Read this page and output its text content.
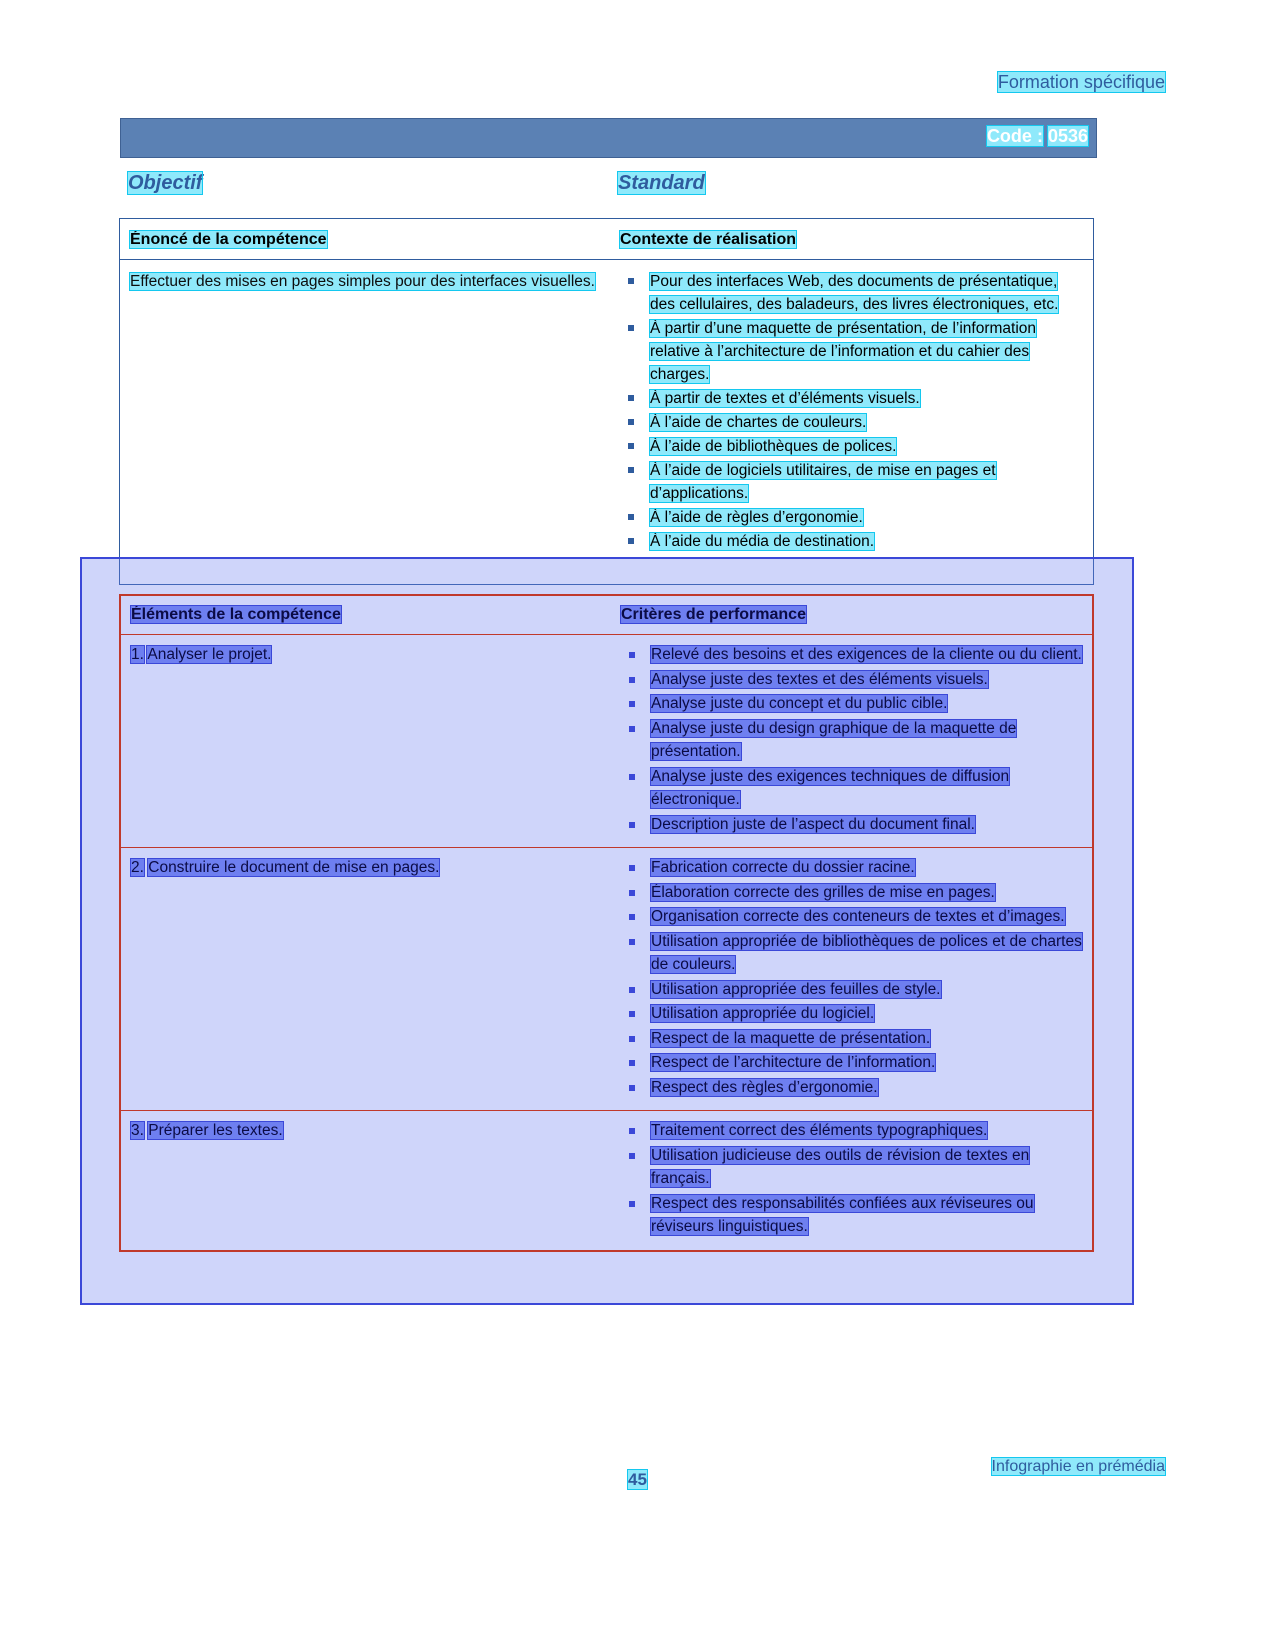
Formation spécifique
Code : 0536
Objectif	Standard
Énoncé de la compétence	Contexte de réalisation
Effectuer des mises en pages simples pour des interfaces visuelles.	Pour des interfaces Web, des documents de présentatique, des cellulaires, des baladeurs, des livres électroniques, etc.
À partir d’une maquette de présentation, de l’information relative à l’architecture de l’information et du cahier des charges.
À partir de textes et d’éléments visuels.
À l’aide de chartes de couleurs.
À l’aide de bibliothèques de polices.
À l’aide de logiciels utilitaires, de mise en pages et d’applications.
À l’aide de règles d’ergonomie.
À l’aide du média de destination.
Éléments de la compétence	Critères de performance
1. Analyser le projet.	Relevé des besoins et des exigences de la cliente ou du client.
Analyse juste des textes et des éléments visuels.
Analyse juste du concept et du public cible.
Analyse juste du design graphique de la maquette de présentation.
Analyse juste des exigences techniques de diffusion électronique.
Description juste de l’aspect du document final.
2. Construire le document de mise en pages.	Fabrication correcte du dossier racine.
Élaboration correcte des grilles de mise en pages.
Organisation correcte des conteneurs de textes et d’images.
Utilisation appropriée de bibliothèques de polices et de chartes de couleurs.
Utilisation appropriée des feuilles de style.
Utilisation appropriée du logiciel.
Respect de la maquette de présentation.
Respect de l’architecture de l’information.
Respect des règles d’ergonomie.
3. Préparer les textes.	Traitement correct des éléments typographiques.
Utilisation judicieuse des outils de révision de textes en français.
Respect des responsabilités confiées aux réviseures ou réviseurs linguistiques.
45
Infographie en prémédia
